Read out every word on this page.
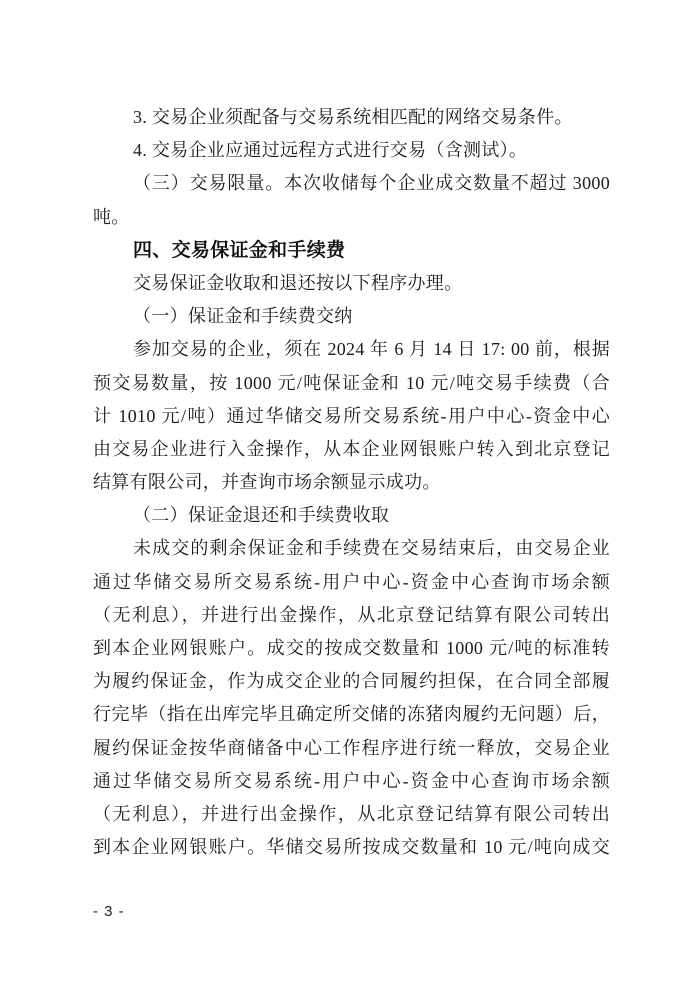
3. 交易企业须配备与交易系统相匹配的网络交易条件。
4. 交易企业应通过远程方式进行交易（含测试）。
（三）交易限量。本次收储每个企业成交数量不超过 3000
吨。
四、交易保证金和手续费
交易保证金收取和退还按以下程序办理。
（一）保证金和手续费交纳
参加交易的企业，须在 2024 年 6 月 14 日 17: 00 前，根据
预交易数量，按 1000 元/吨保证金和 10 元/吨交易手续费（合
计 1010 元/吨）通过华储交易所交易系统-用户中心-资金中心
由交易企业进行入金操作，从本企业网银账户转入到北京登记
结算有限公司，并查询市场余额显示成功。
（二）保证金退还和手续费收取
未成交的剩余保证金和手续费在交易结束后，由交易企业
通过华储交易所交易系统-用户中心-资金中心查询市场余额
（无利息），并进行出金操作，从北京登记结算有限公司转出
到本企业网银账户。成交的按成交数量和 1000 元/吨的标准转
为履约保证金，作为成交企业的合同履约担保，在合同全部履
行完毕（指在出库完毕且确定所交储的冻猪肉履约无问题）后，
履约保证金按华商储备中心工作程序进行统一释放，交易企业
通过华储交易所交易系统-用户中心-资金中心查询市场余额
（无利息），并进行出金操作，从北京登记结算有限公司转出
到本企业网银账户。华储交易所按成交数量和 10 元/吨向成交
- 3 -
